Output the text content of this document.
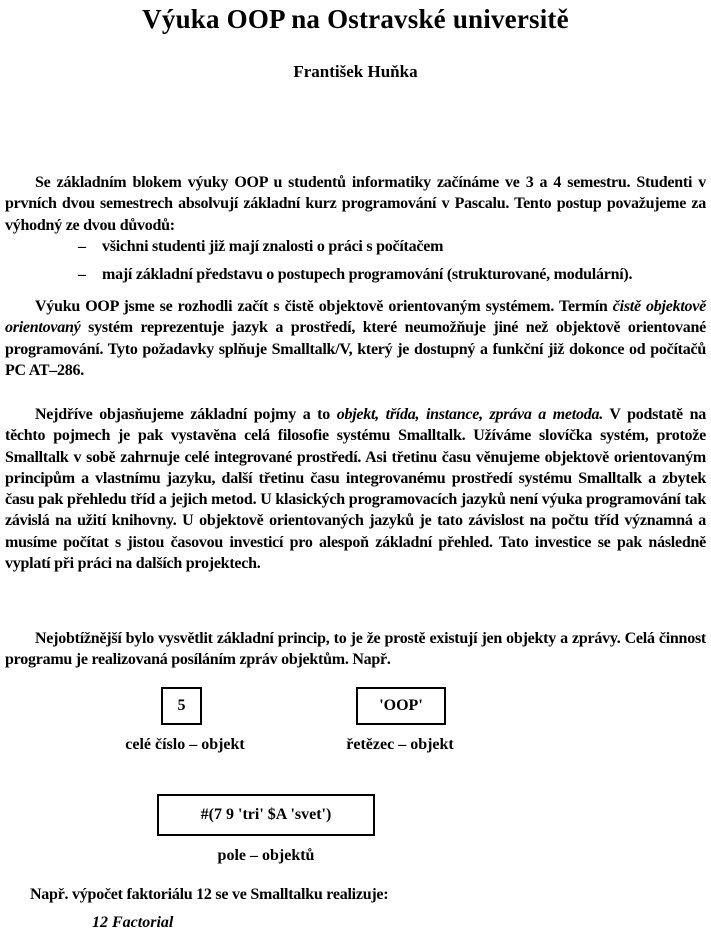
Výuka OOP na Ostravské universitě
František Huňka
Se základním blokem výuky OOP u studentů informatiky začínáme ve 3 a 4 semestru. Studenti v prvních dvou semestrech absolvují základní kurz programování v Pascalu. Tento postup považujeme za výhodný ze dvou důvodů:
– všichni studenti již mají znalosti o práci s počítačem
– mají základní představu o postupech programování (strukturované, modulární).
Výuku OOP jsme se rozhodli začít s čistě objektově orientovaným systémem. Termín čistě objektově orientovaný systém reprezentuje jazyk a prostředí, které neumožňuje jiné než objektově orientované programování. Tyto požadavky splňuje Smalltalk/V, který je dostupný a funkční již dokonce od počítačů PC AT–286.
Nejdříve objasňujeme základní pojmy a to objekt, třída, instance, zpráva a metoda. V podstatě na těchto pojmech je pak vystavěna celá filosofie systému Smalltalk. Užíváme slovíčka systém, protože Smalltalk v sobě zahrnuje celé integrované prostředí. Asi třetinu času věnujeme objektově orientovaným principům a vlastnímu jazyku, další třetinu času integrovanému prostředí systému Smalltalk a zbytek času pak přehledu tříd a jejich metod. U klasických programovacích jazyků není výuka programování tak závislá na užití knihovny. U objektově orientovaných jazyků je tato závislost na počtu tříd významná a musíme počítat s jistou časovou investicí pro alespoň základní přehled. Tato investice se pak následně vyplatí při práci na dalších projektech.
Nejobtížnější bylo vysvětlit základní princip, to je že prostě existují jen objekty a zprávy. Celá činnost programu je realizovaná posíláním zpráv objektům. Např.
5
celé číslo – objekt
'OOP'
řetězec – objekt
#(7 9 'tri' $A 'svet')
pole – objektů
Např. výpočet faktoriálu 12 se ve Smalltalku realizuje:
12 Factorial
